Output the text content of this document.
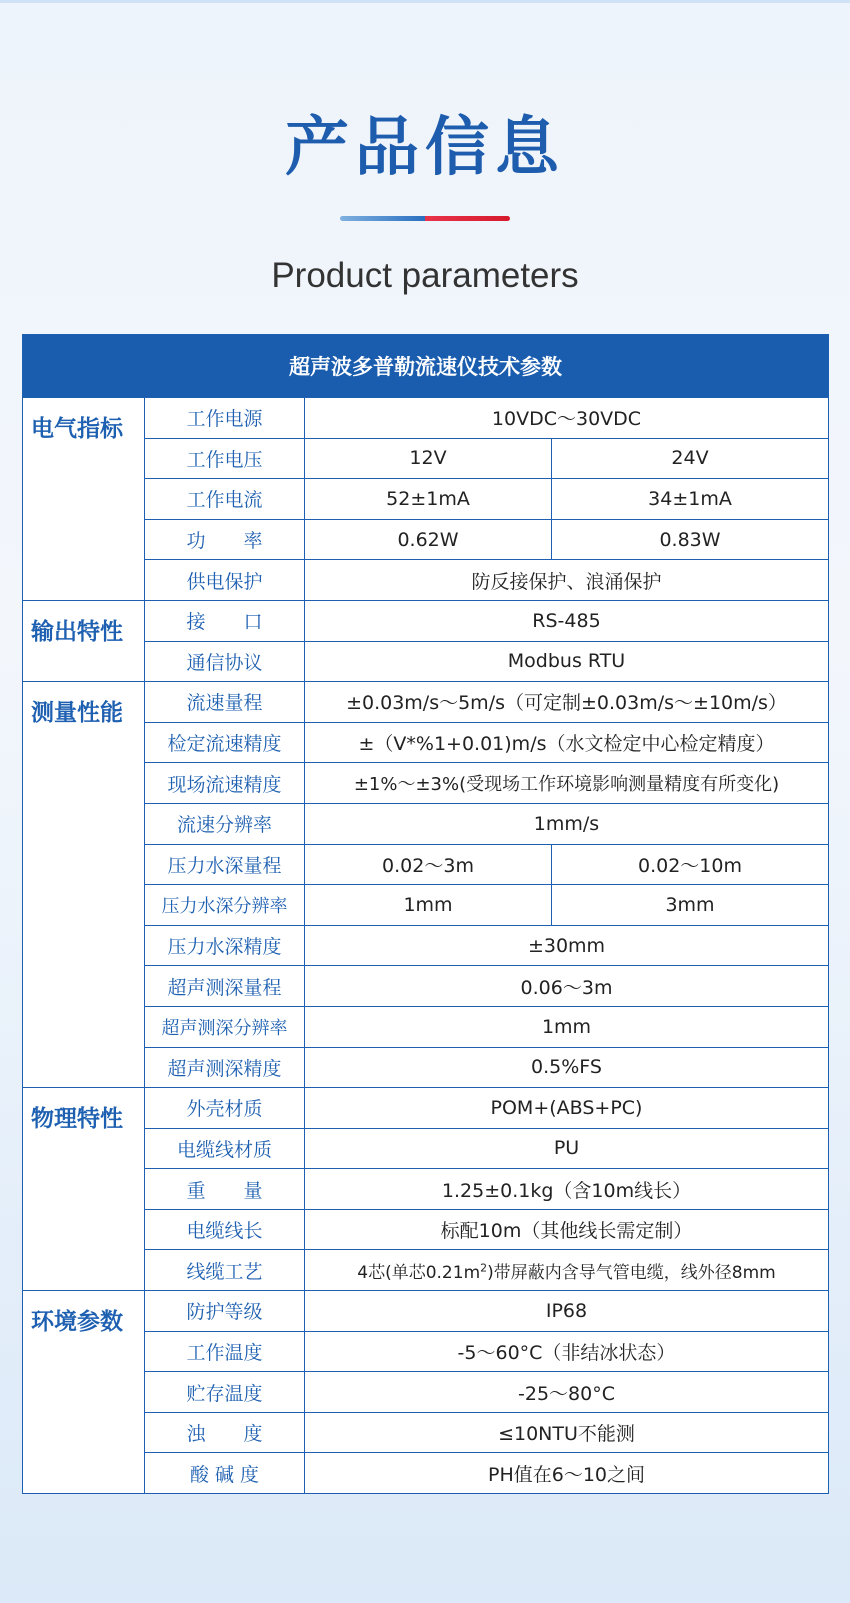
产品信息
Product parameters
超声波多普勒流速仪技术参数			
电气指标	工作电源	10VDC～30VDC	
	工作电压	12V	24V
	工作电流	52±1mA	34±1mA
	功　　率	0.62W	0.83W
	供电保护	防反接保护、浪涌保护	
输出特性	接　　口	RS-485	
	通信协议	Modbus RTU	
测量性能	流速量程	±0.03m/s～5m/s（可定制±0.03m/s～±10m/s）	
	检定流速精度	±（V*%1+0.01)m/s（水文检定中心检定精度）	
	现场流速精度	±1%～±3%(受现场工作环境影响测量精度有所变化)	
	流速分辨率	1mm/s	
	压力水深量程	0.02～3m	0.02～10m
	压力水深分辨率	1mm	3mm
	压力水深精度	±30mm	
	超声测深量程	0.06～3m	
	超声测深分辨率	1mm	
	超声测深精度	0.5%FS	
物理特性	外壳材质	POM+(ABS+PC)	
	电缆线材质	PU	
	重　　量	1.25±0.1kg（含10m线长）	
	电缆线长	标配10m（其他线长需定制）	
	线缆工艺	4芯(单芯$0.21m^2$)带屏蔽内含导气管电缆，线外径8mm	
环境参数	防护等级	IP68	
	工作温度	-5～60°C（非结冰状态）	
	贮存温度	-25～80°C	
	浊　　度	≤10NTU不能测	
	酸 碱 度	PH值在6～10之间	
